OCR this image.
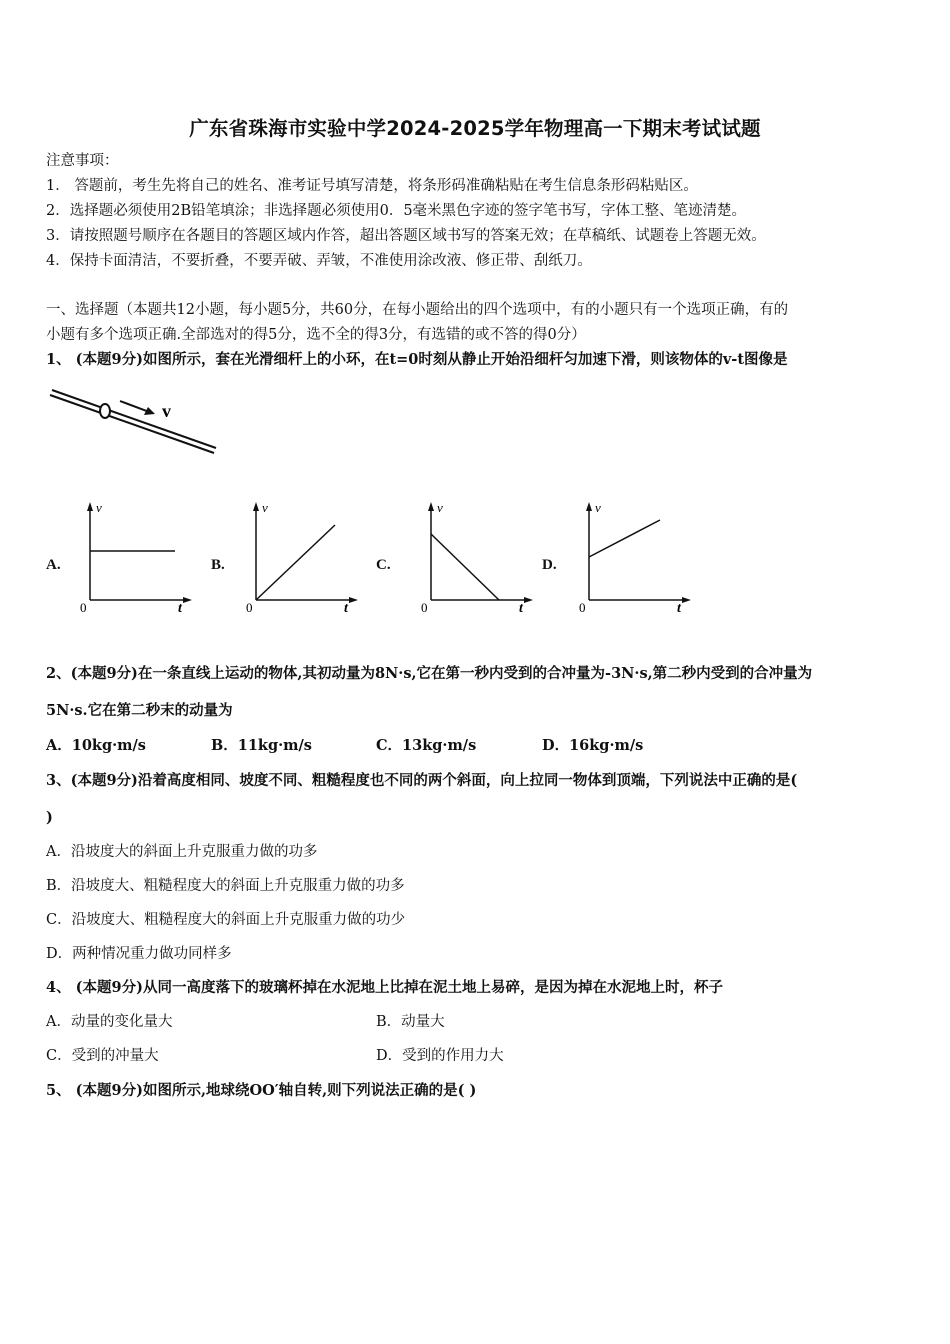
广东省珠海市实验中学2024-2025学年物理高一下期末考试试题
注意事项：
1． 答题前，考生先将自己的姓名、准考证号填写清楚，将条形码准确粘贴在考生信息条形码粘贴区。
2．选择题必须使用2B铅笔填涂；非选择题必须使用0．5毫米黑色字迹的签字笔书写，字体工整、笔迹清楚。
3．请按照题号顺序在各题目的答题区域内作答，超出答题区域书写的答案无效；在草稿纸、试题卷上答题无效。
4．保持卡面清洁，不要折叠，不要弄破、弄皱，不准使用涂改液、修正带、刮纸刀。
一、选择题（本题共12小题，每小题5分，共60分，在每小题给出的四个选项中，有的小题只有一个选项正确，有的
小题有多个选项正确.全部选对的得5分，选不全的得3分，有选错的或不答的得0分）
1、 (本题9分)如图所示，套在光滑细杆上的小环，在t=0时刻从静止开始沿细杆匀加速下滑，则该物体的v-t图像是
v
A.
v
t
0
B.
v
t
0
C.
v
t
0
D.
v
t
0
2、(本题9分)在一条直线上运动的物体,其初动量为8N·s,它在第一秒内受到的合冲量为-3N·s,第二秒内受到的合冲量为
5N·s.它在第二秒末的动量为
A．10kg·m/s	B．11kg·m/s	C．13kg·m/s	D．16kg·m/s
3、(本题9分)沿着高度相同、坡度不同、粗糙程度也不同的两个斜面，向上拉同一物体到顶端，下列说法中正确的是(
)
A．沿坡度大的斜面上升克服重力做的功多
B．沿坡度大、粗糙程度大的斜面上升克服重力做的功多
C．沿坡度大、粗糙程度大的斜面上升克服重力做的功少
D．两种情况重力做功同样多
4、 (本题9分)从同一高度落下的玻璃杯掉在水泥地上比掉在泥土地上易碎，是因为掉在水泥地上时，杯子
A．动量的变化量大	B．动量大
C．受到的冲量大	D．受到的作用力大
5、 (本题9分)如图所示,地球绕OO′轴自转,则下列说法正确的是( )
